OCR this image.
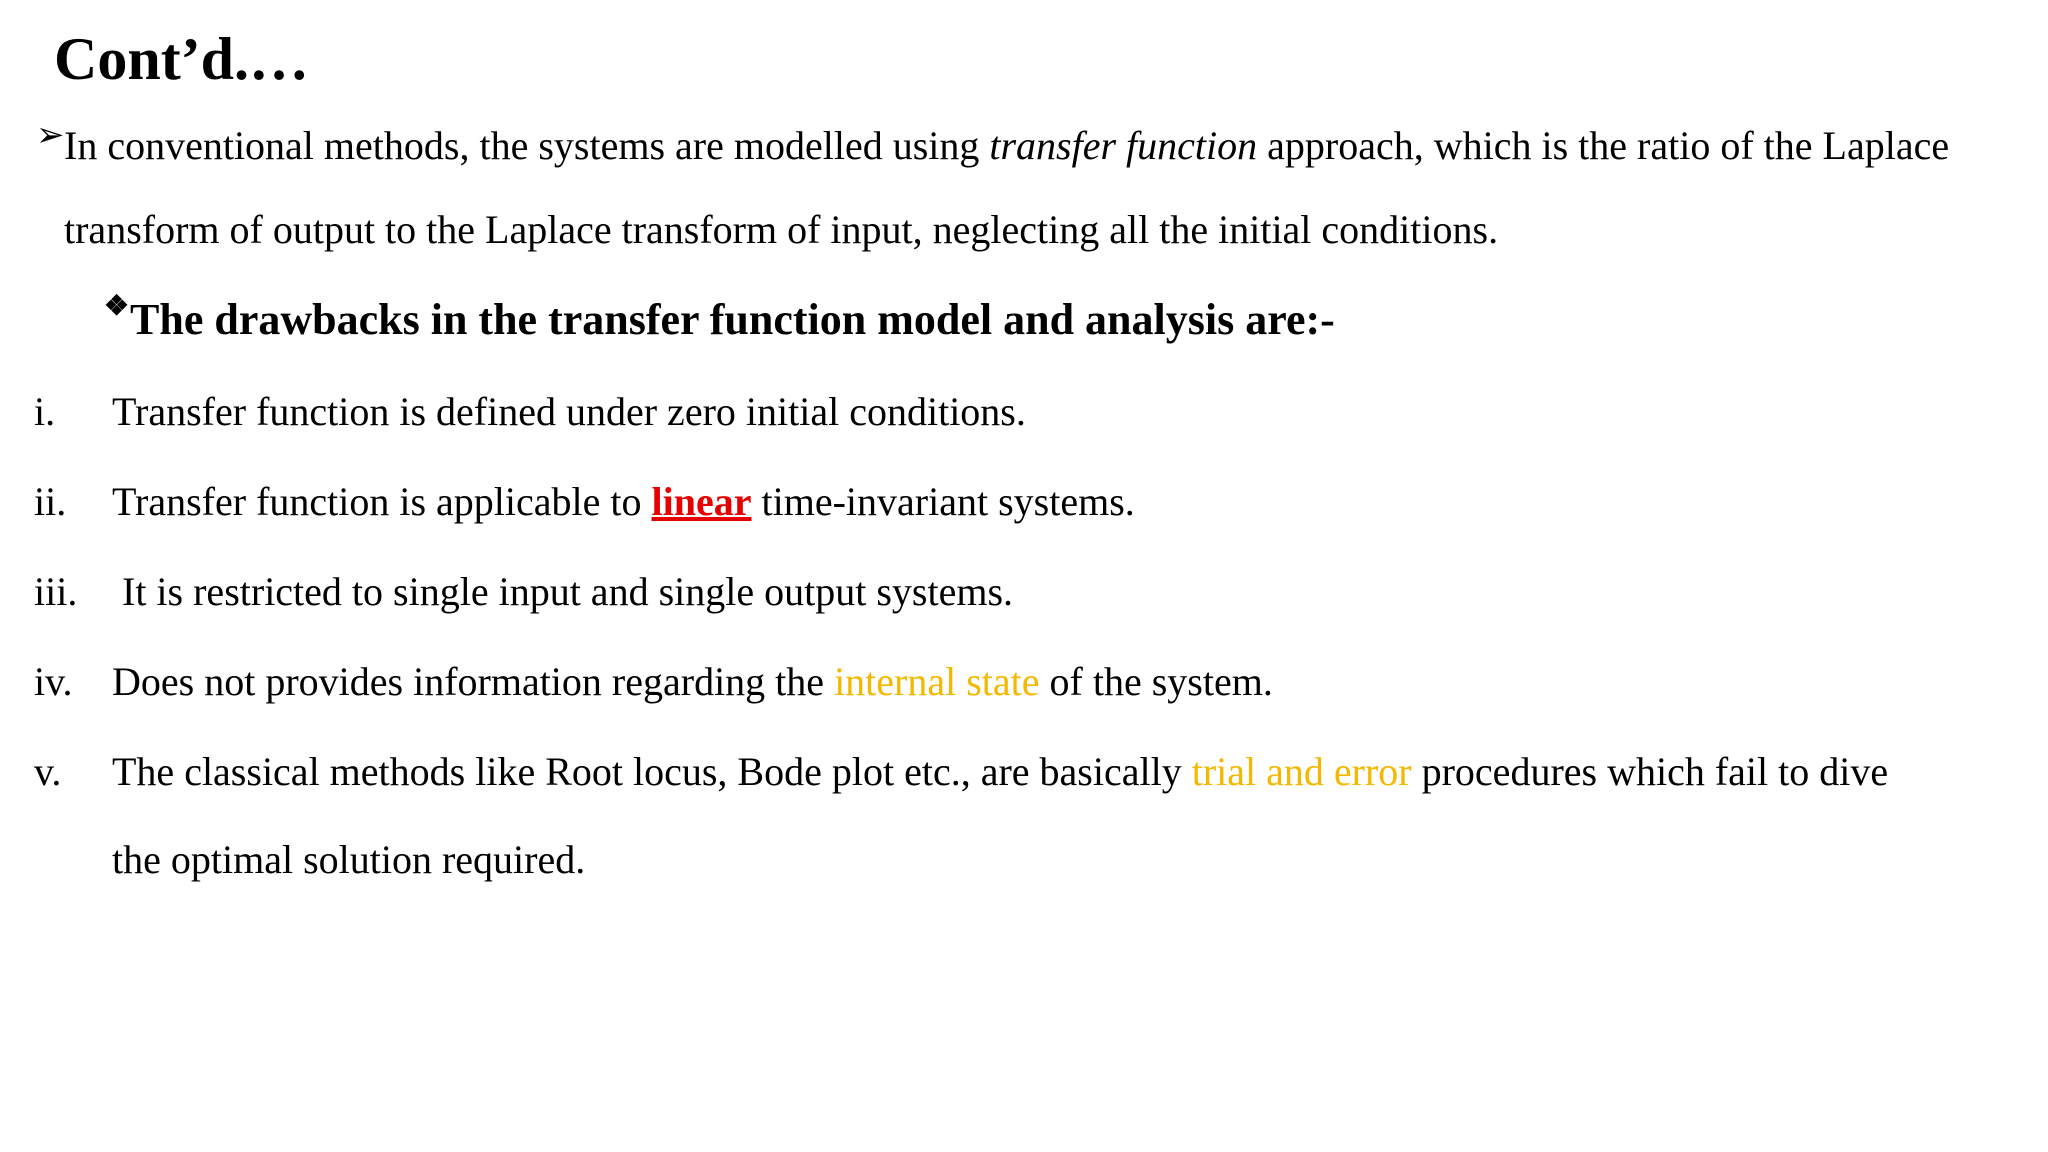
Cont’d.…
➢ In conventional methods, the systems are modelled using transfer function approach, which is the ratio of the Laplace
transform of output to the Laplace transform of input, neglecting all the initial conditions.
❖ The drawbacks in the transfer function model and analysis are:-
i. Transfer function is defined under zero initial conditions.
ii. Transfer function is applicable to linear time-invariant systems.
iii. It is restricted to single input and single output systems.
iv. Does not provides information regarding the internal state of the system.
v. The classical methods like Root locus, Bode plot etc., are basically trial and error procedures which fail to dive
the optimal solution required.
